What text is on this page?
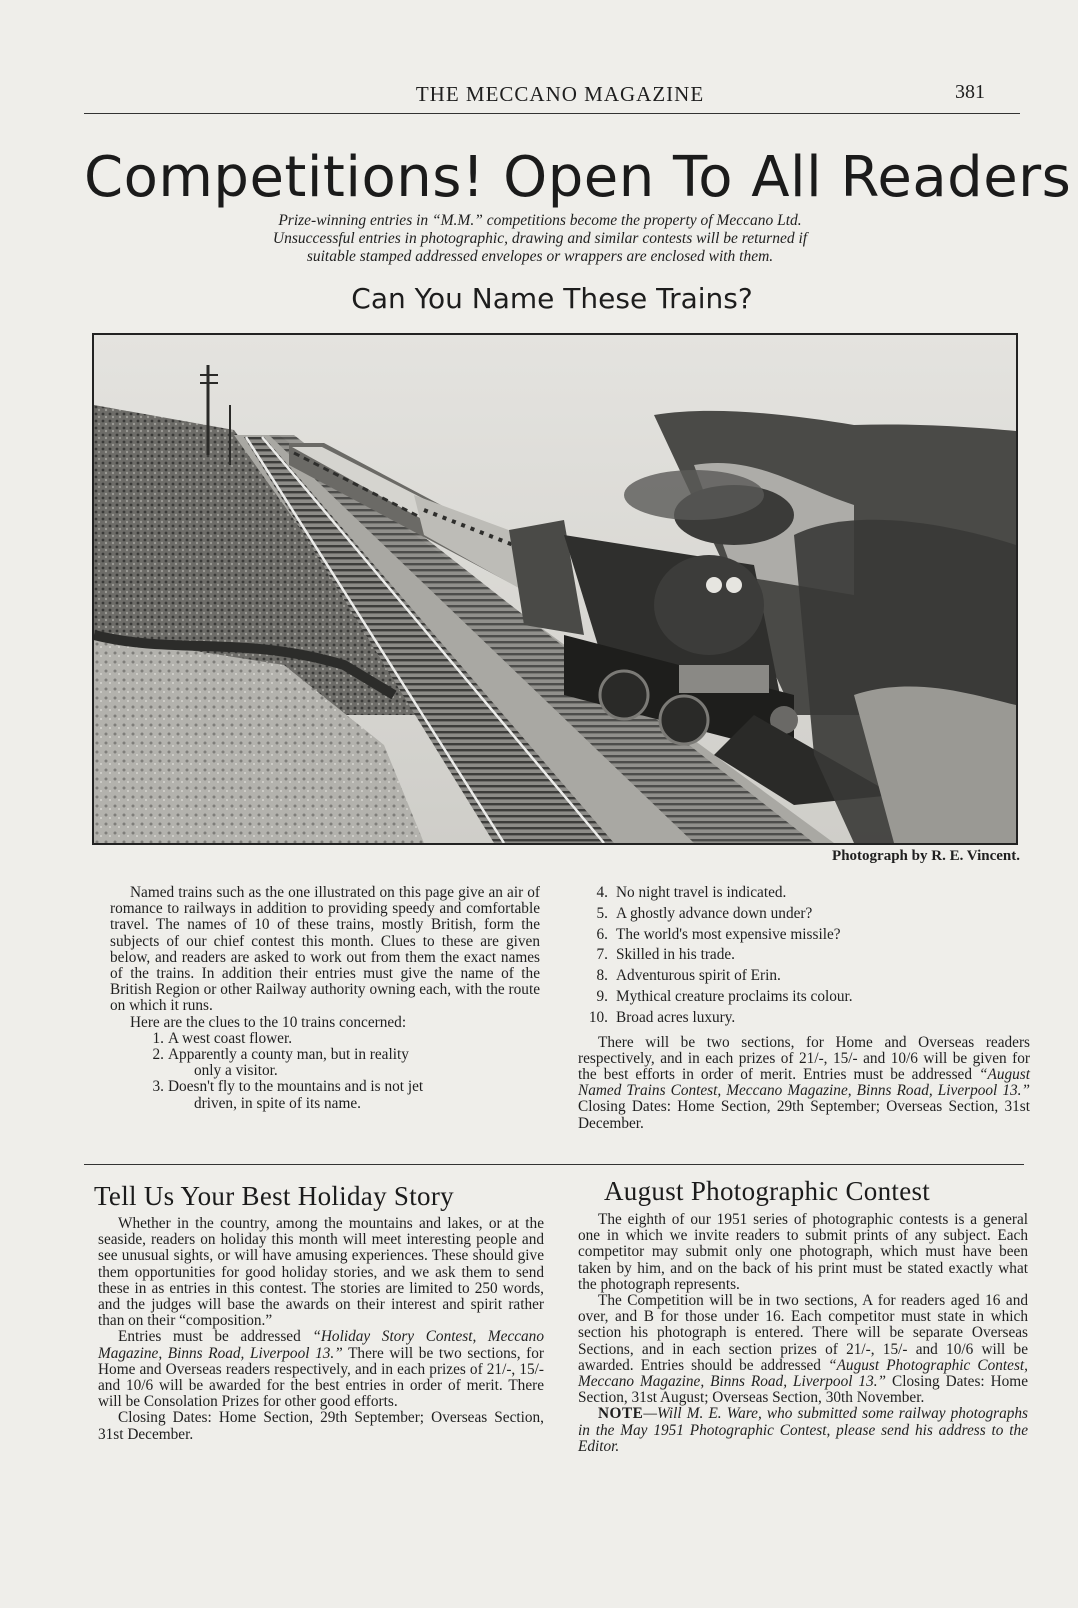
THE MECCANO MAGAZINE	381
Competitions! Open To All Readers
Prize-winning entries in “M.M.” competitions become the property of Meccano Ltd.
Unsuccessful entries in photographic, drawing and similar contests will be returned if
suitable stamped addressed envelopes or wrappers are enclosed with them.
Can You Name These Trains?
Photograph by R. E. Vincent.

Named trains such as the one illustrated on this page give an air of romance to railways in addition to providing speedy and comfortable travel. The names of 10 of these trains, mostly British, form the subjects of our chief contest this month. Clues to these are given below, and readers are asked to work out from them the exact names of the trains. In addition their entries must give the name of the British Region or other Railway authority owning each, with the route on which it runs.

Here are the clues to the 10 trains concerned:

1. A west coast flower.
2. Apparently a county man, but in reality
only a visitor.
3. Doesn't fly to the mountains and is not jet
driven, in spite of its name.
4. No night travel is indicated.
5. A ghostly advance down under?
6. The world's most expensive missile?
7. Skilled in his trade.
8. Adventurous spirit of Erin.
9. Mythical creature proclaims its colour.
10. Broad acres luxury.

There will be two sections, for Home and Overseas readers respectively, and in each prizes of 21/-, 15/- and 10/6 will be given for the best efforts in order of merit. Entries must be addressed “August Named Trains Contest, Meccano Magazine, Binns Road, Liverpool 13.” Closing Dates: Home Section, 29th September; Overseas Section, 31st December.

Tell Us Your Best Holiday Story

Whether in the country, among the mountains and lakes, or at the seaside, readers on holiday this month will meet interesting people and see unusual sights, or will have amusing experiences. These should give them opportunities for good holiday stories, and we ask them to send these in as entries in this contest. The stories are limited to 250 words, and the judges will base the awards on their interest and spirit rather than on their “composition.”

Entries must be addressed “Holiday Story Contest, Meccano Magazine, Binns Road, Liverpool 13.” There will be two sections, for Home and Overseas readers respectively, and in each prizes of 21/-, 15/- and 10/6 will be awarded for the best entries in order of merit. There will be Consolation Prizes for other good efforts.

Closing Dates: Home Section, 29th September; Overseas Section, 31st December.

August Photographic Contest

The eighth of our 1951 series of photographic contests is a general one in which we invite readers to submit prints of any subject. Each competitor may submit only one photograph, which must have been taken by him, and on the back of his print must be stated exactly what the photograph represents.

The Competition will be in two sections, A for readers aged 16 and over, and B for those under 16. Each competitor must state in which section his photograph is entered. There will be separate Overseas Sections, and in each section prizes of 21/-, 15/- and 10/6 will be awarded. Entries should be addressed “August Photographic Contest, Meccano Magazine, Binns Road, Liverpool 13.” Closing Dates: Home Section, 31st August; Overseas Section, 30th November.

NOTE—Will M. E. Ware, who submitted some railway photographs in the May 1951 Photographic Contest, please send his address to the Editor.
